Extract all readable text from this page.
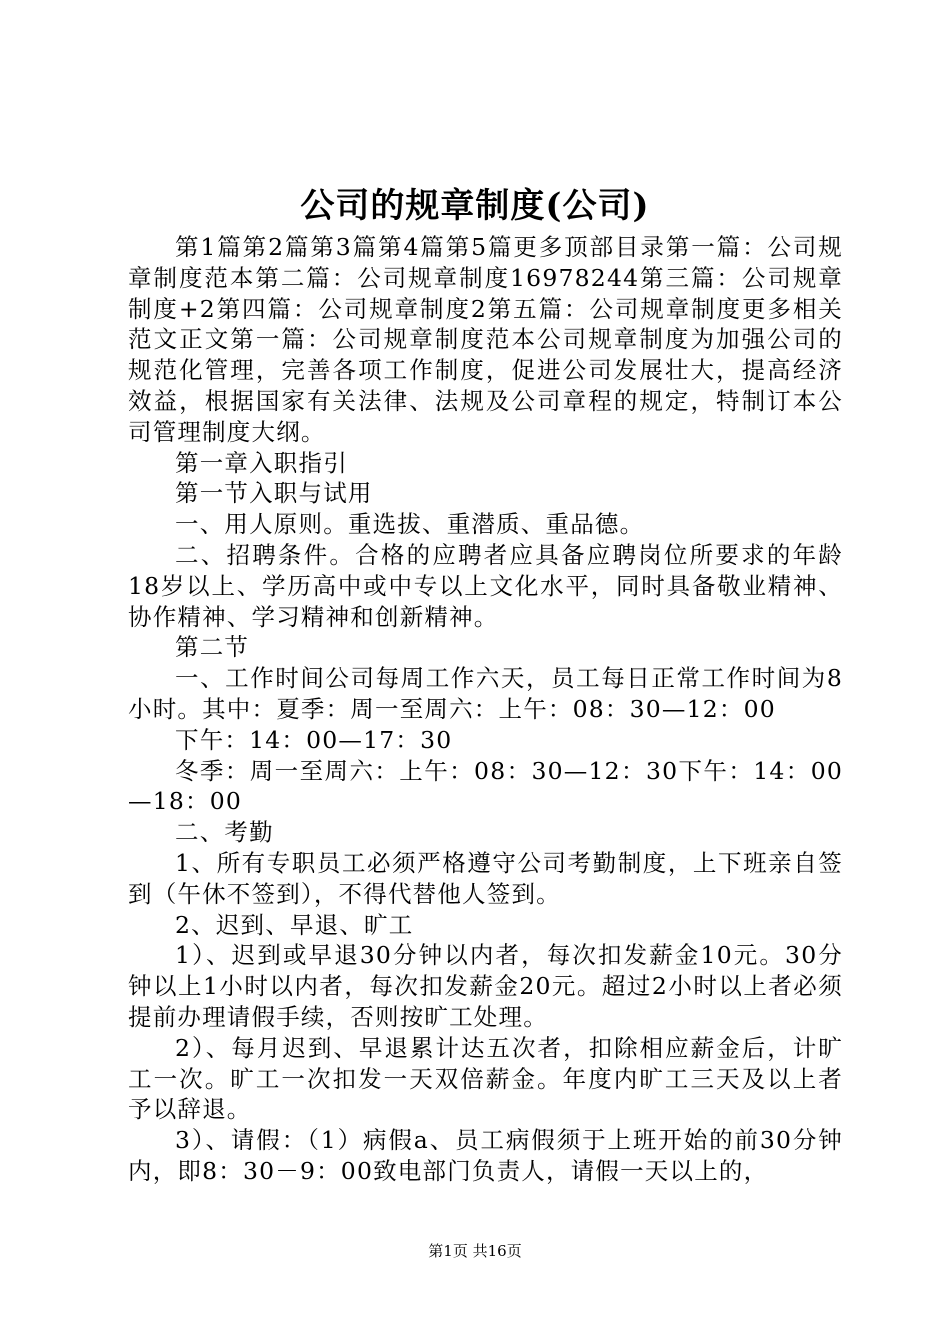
公司的规章制度(公司)

第1篇第2篇第3篇第4篇第5篇更多顶部目录第一篇：公司规章制度范本第二篇：公司规章制度16978244第三篇：公司规章制度+2第四篇：公司规章制度2第五篇：公司规章制度更多相关范文正文第一篇：公司规章制度范本公司规章制度为加强公司的规范化管理，完善各项工作制度，促进公司发展壮大，提高经济效益，根据国家有关法律、法规及公司章程的规定，特制订本公司管理制度大纲。

第一章入职指引

第一节入职与试用

一、用人原则。重选拔、重潜质、重品德。

二、招聘条件。合格的应聘者应具备应聘岗位所要求的年龄18岁以上、学历高中或中专以上文化水平，同时具备敬业精神、协作精神、学习精神和创新精神。

第二节

一、工作时间公司每周工作六天，员工每日正常工作时间为8小时。其中：夏季：周一至周六：上午：08：30—12：00

下午：14：00—17：30

冬季：周一至周六：上午：08：30—12：30下午：14：00—18：00

二、考勤

1、所有专职员工必须严格遵守公司考勤制度，上下班亲自签到（午休不签到），不得代替他人签到。

2、迟到、早退、旷工

1）、迟到或早退30分钟以内者，每次扣发薪金10元。30分钟以上1小时以内者，每次扣发薪金20元。超过2小时以上者必须提前办理请假手续，否则按旷工处理。

2）、每月迟到、早退累计达五次者，扣除相应薪金后，计旷工一次。旷工一次扣发一天双倍薪金。年度内旷工三天及以上者予以辞退。

3）、请假：（1）病假a、员工病假须于上班开始的前30分钟内，即8：30－9：00致电部门负责人，请假一天以上的，

第1页 共16页
